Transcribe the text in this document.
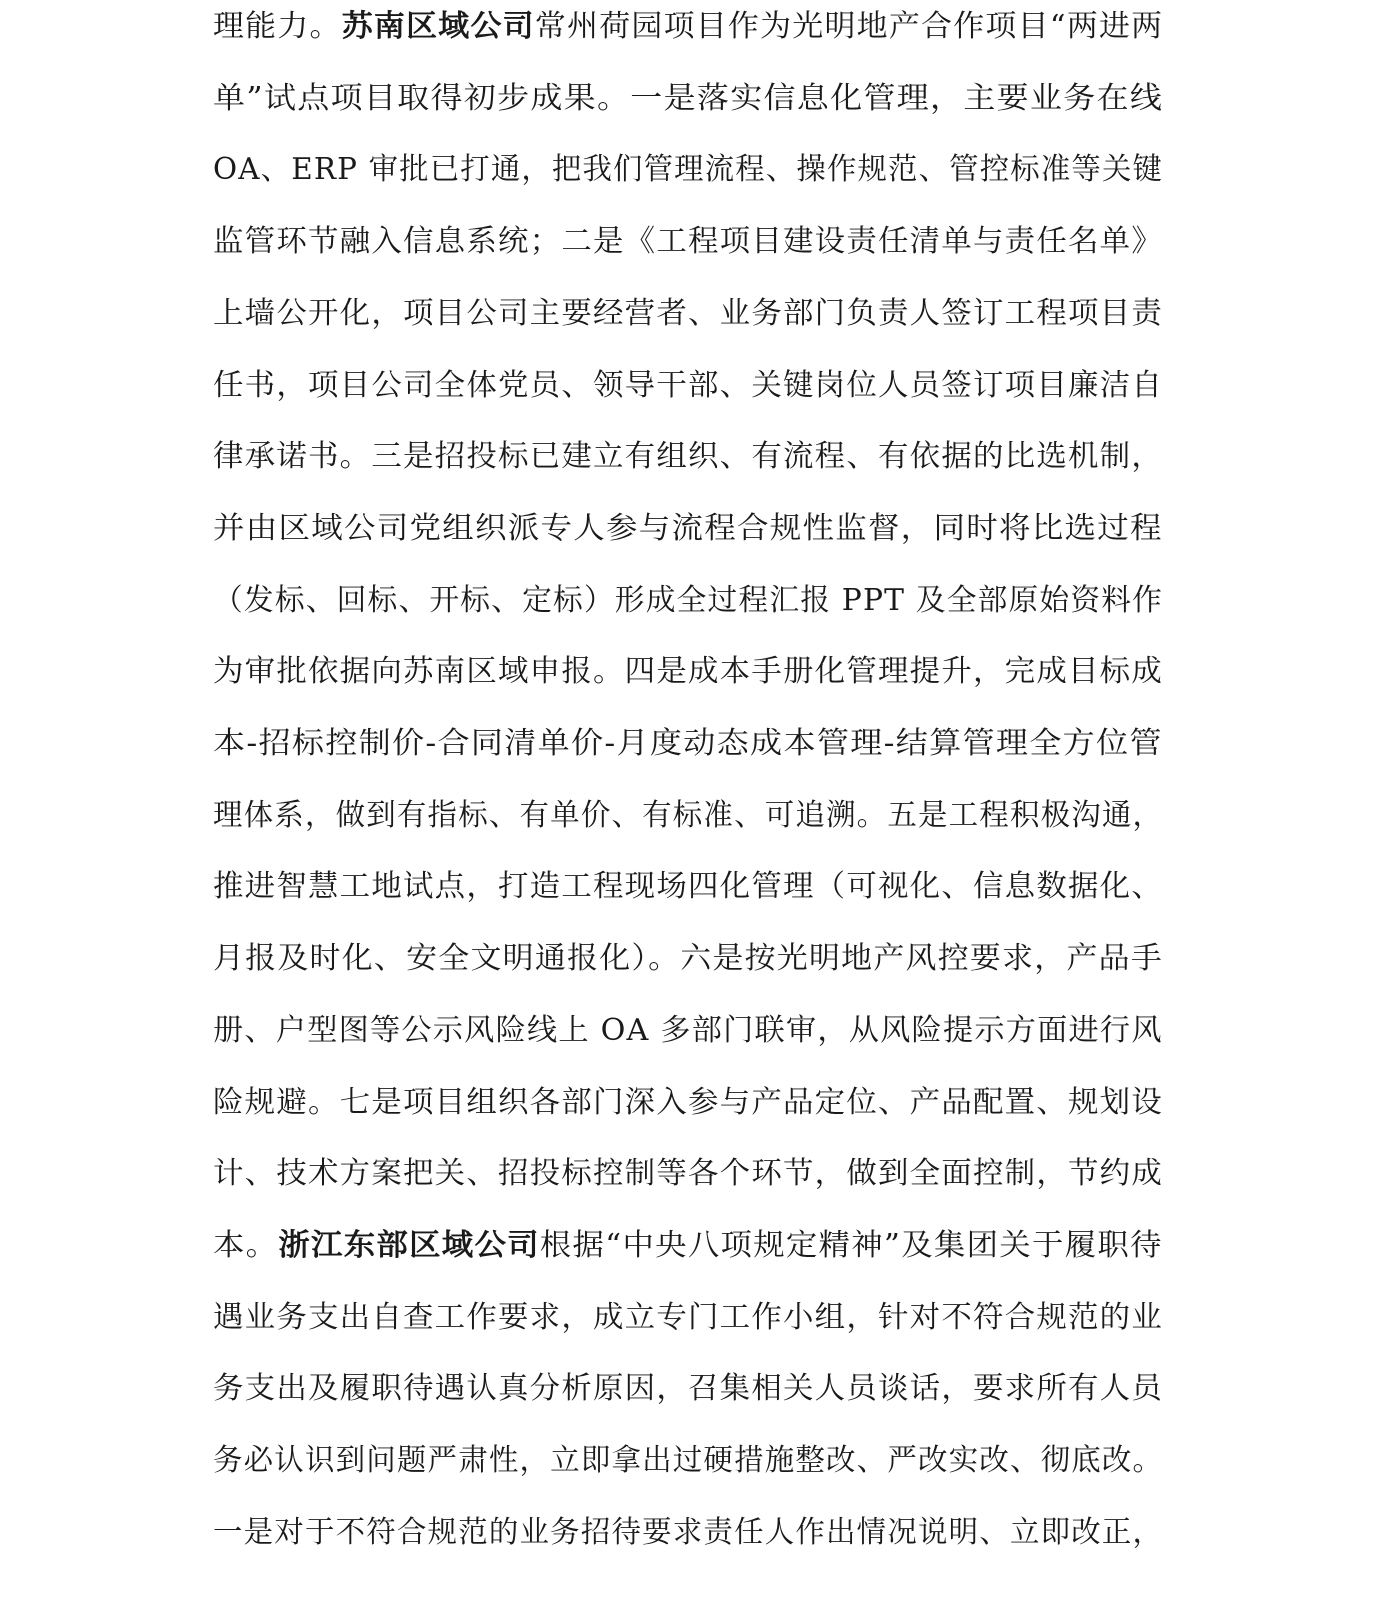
理能力。苏南区域公司常州荷园项目作为光明地产合作项目“两进两
单”试点项目取得初步成果。一是落实信息化管理，主要业务在线
OA、ERP 审批已打通，把我们管理流程、操作规范、管控标准等关键
监管环节融入信息系统；二是《工程项目建设责任清单与责任名单》
上墙公开化，项目公司主要经营者、业务部门负责人签订工程项目责
任书，项目公司全体党员、领导干部、关键岗位人员签订项目廉洁自
律承诺书。三是招投标已建立有组织、有流程、有依据的比选机制，
并由区域公司党组织派专人参与流程合规性监督，同时将比选过程
（发标、回标、开标、定标）形成全过程汇报 PPT 及全部原始资料作
为审批依据向苏南区域申报。四是成本手册化管理提升，完成目标成
本-招标控制价-合同清单价-月度动态成本管理-结算管理全方位管
理体系，做到有指标、有单价、有标准、可追溯。五是工程积极沟通，
推进智慧工地试点，打造工程现场四化管理（可视化、信息数据化、
月报及时化、安全文明通报化）。六是按光明地产风控要求，产品手
册、户型图等公示风险线上 OA 多部门联审，从风险提示方面进行风
险规避。七是项目组织各部门深入参与产品定位、产品配置、规划设
计、技术方案把关、招投标控制等各个环节，做到全面控制，节约成
本。浙江东部区域公司根据“中央八项规定精神”及集团关于履职待
遇业务支出自查工作要求，成立专门工作小组，针对不符合规范的业
务支出及履职待遇认真分析原因，召集相关人员谈话，要求所有人员
务必认识到问题严肃性，立即拿出过硬措施整改、严改实改、彻底改。
一是对于不符合规范的业务招待要求责任人作出情况说明、立即改正，
